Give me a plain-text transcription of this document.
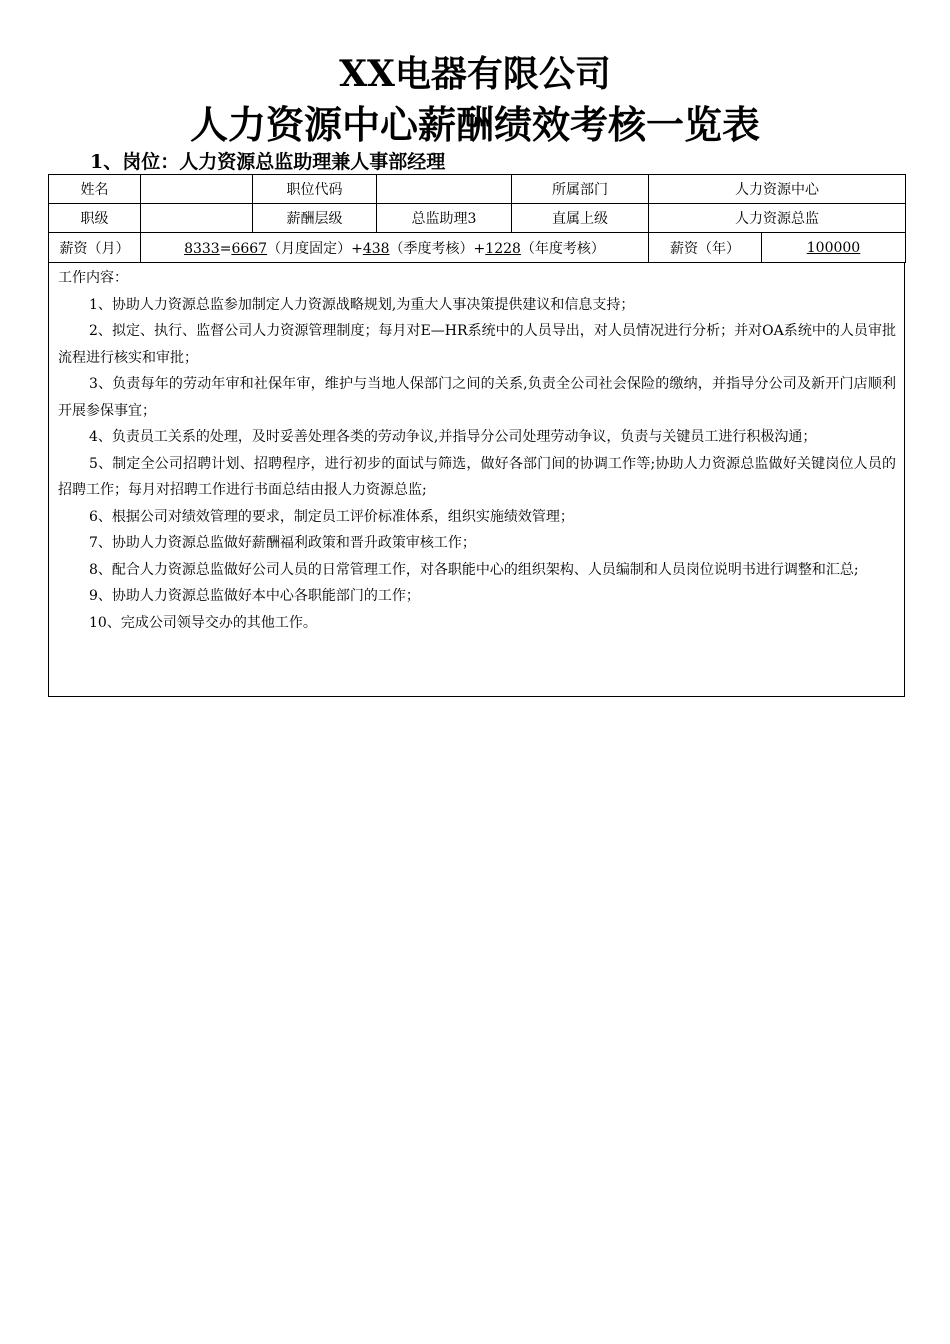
XX电器有限公司
人力资源中心薪酬绩效考核一览表
1、岗位：人力资源总监助理兼人事部经理
姓名		职位代码		所属部门	人力资源中心	
职级		薪酬层级	总监助理3	直属上级	人力资源总监	
薪资（月）	8333=6667（月度固定）+438（季度考核）+1228（年度考核）				薪资（年）	100000
工作内容：
1、协助人力资源总监参加制定人力资源战略规划,为重大人事决策提供建议和信息支持；
2、拟定、执行、监督公司人力资源管理制度；每月对E—HR系统中的人员导出，对人员情况进行分析；并对OA系统中的人员审批流程进行核实和审批；
3、负责每年的劳动年审和社保年审，维护与当地人保部门之间的关系,负责全公司社会保险的缴纳，并指导分公司及新开门店顺利开展参保事宜；
4、负责员工关系的处理，及时妥善处理各类的劳动争议,并指导分公司处理劳动争议，负责与关键员工进行积极沟通；
5、制定全公司招聘计划、招聘程序，进行初步的面试与筛选，做好各部门间的协调工作等;协助人力资源总监做好关键岗位人员的招聘工作；每月对招聘工作进行书面总结由报人力资源总监;
6、根据公司对绩效管理的要求，制定员工评价标准体系，组织实施绩效管理；
7、协助人力资源总监做好薪酬福利政策和晋升政策审核工作；
8、配合人力资源总监做好公司人员的日常管理工作，对各职能中心的组织架构、人员编制和人员岗位说明书进行调整和汇总;
9、协助人力资源总监做好本中心各职能部门的工作；
10、完成公司领导交办的其他工作。
